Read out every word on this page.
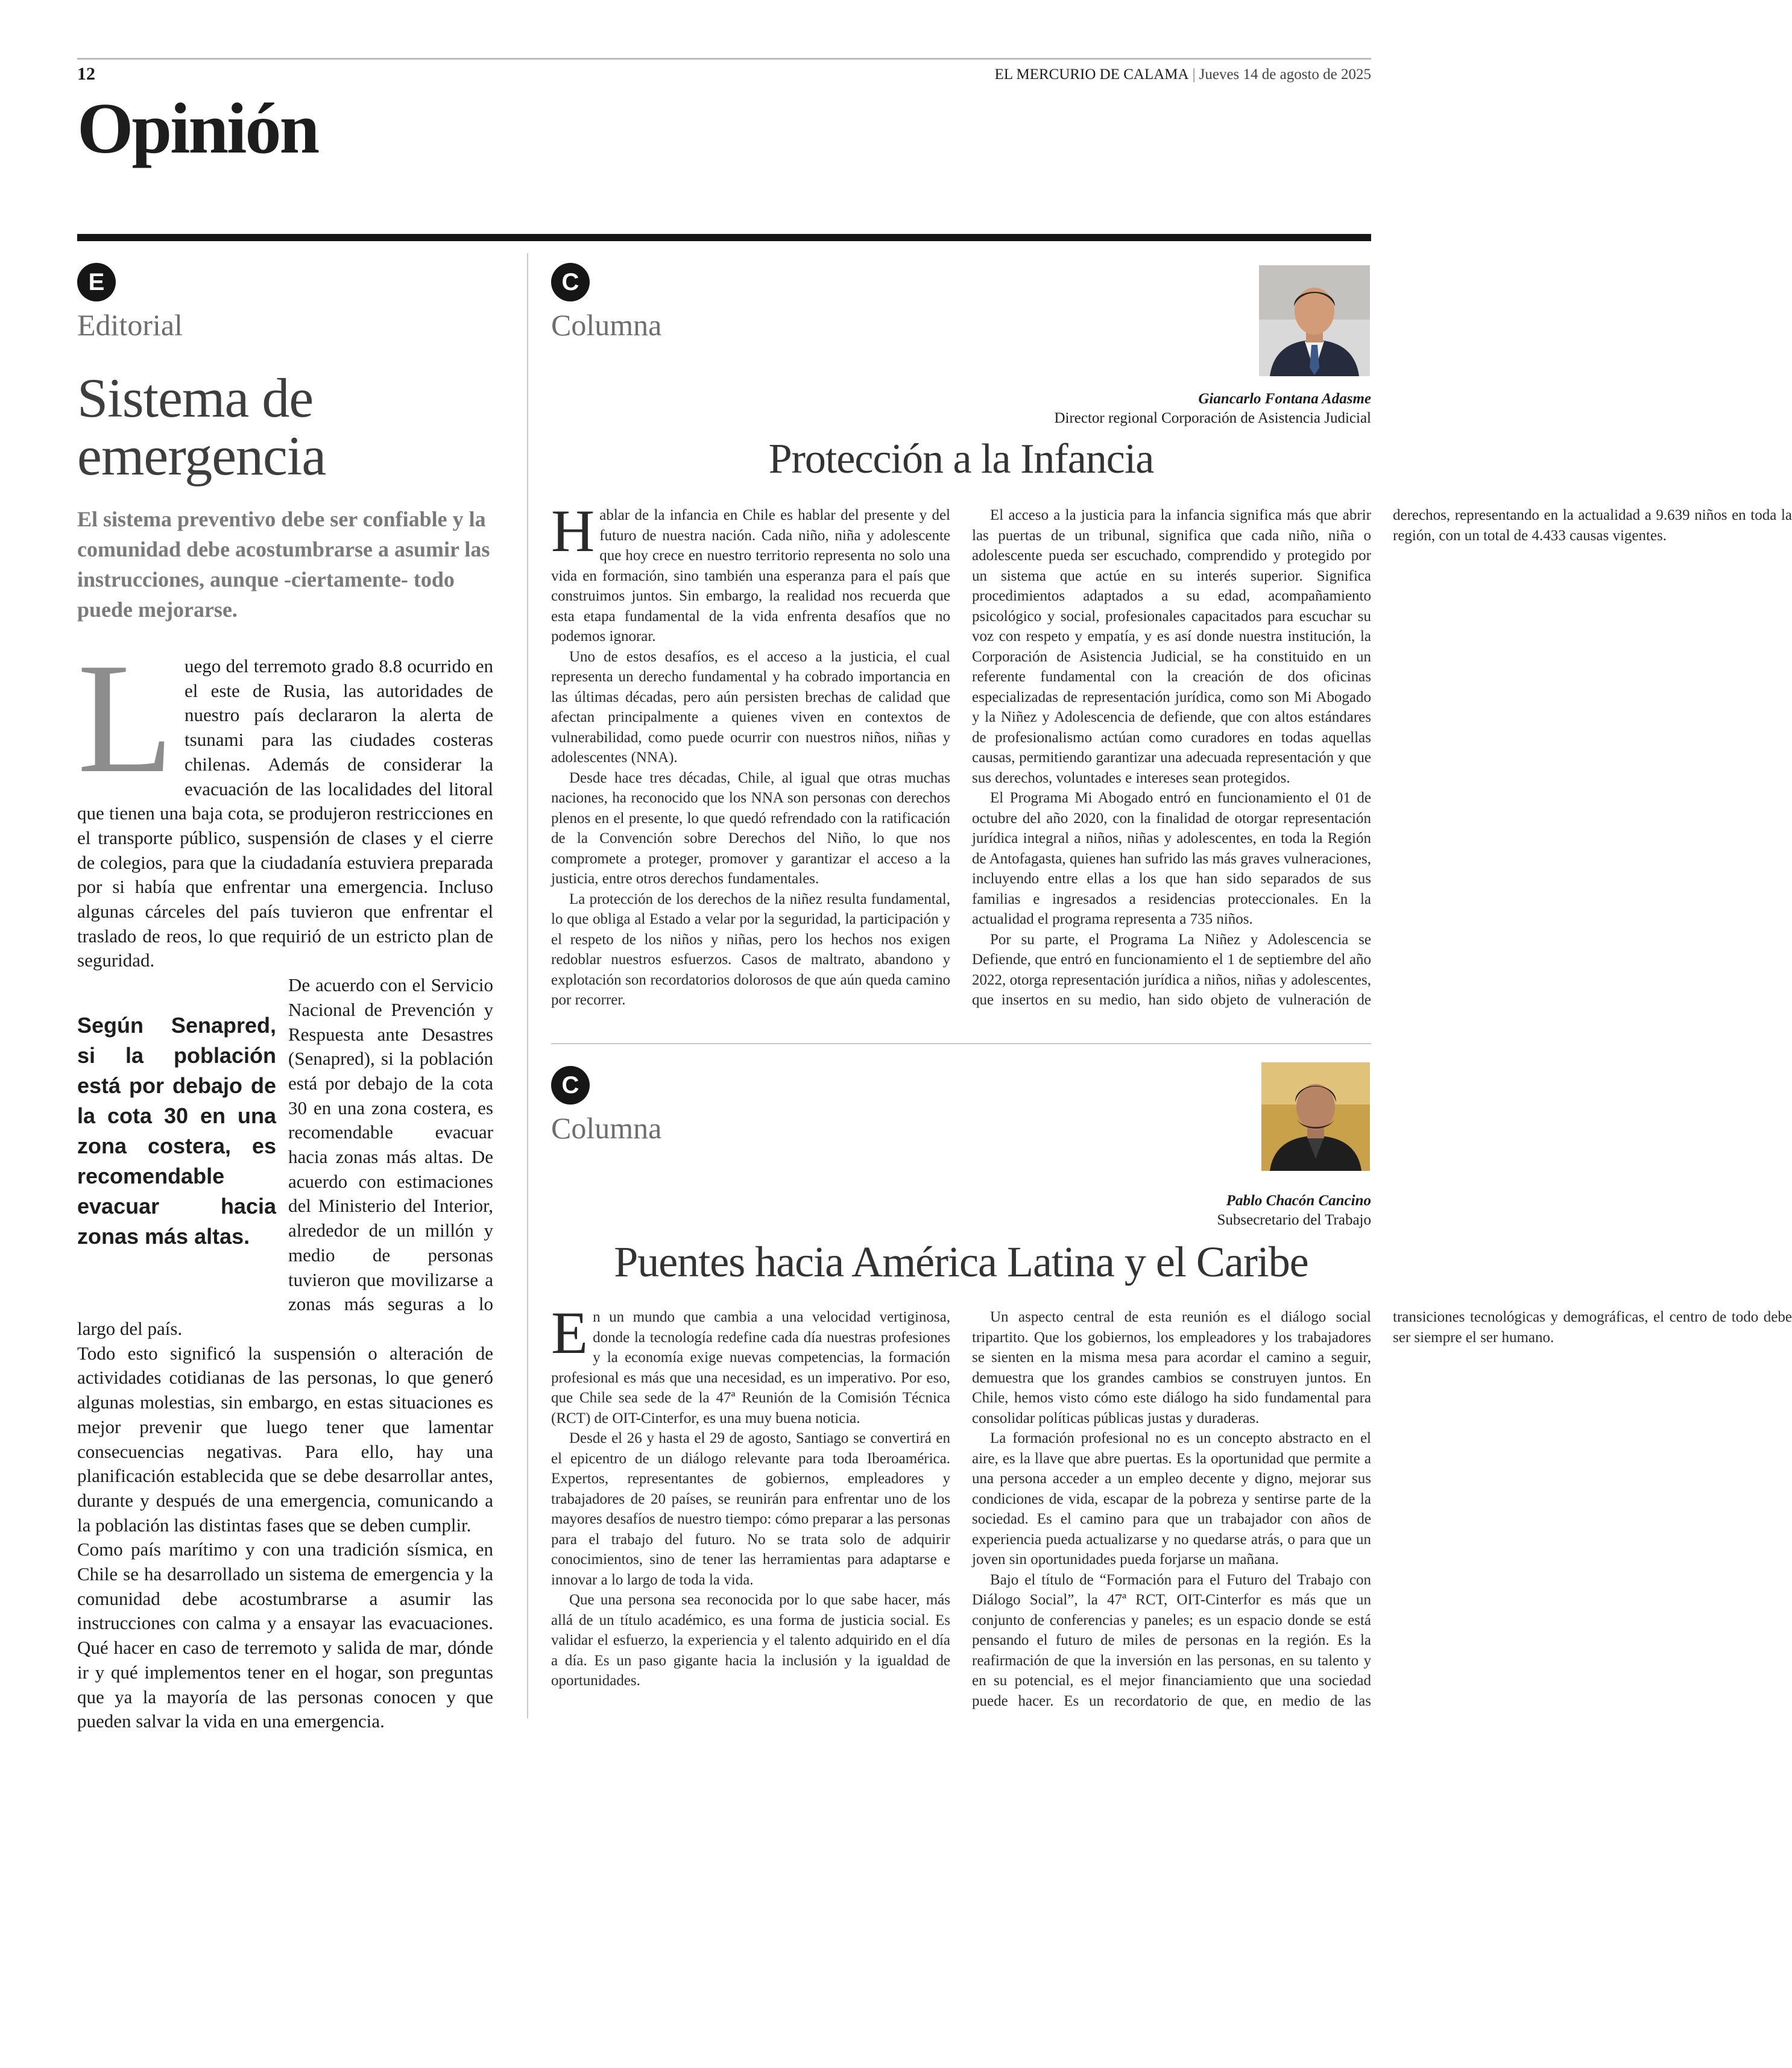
12	EL MERCURIO DE CALAMA | Jueves 14 de agosto de 2025
Opinión
E
Editorial
Sistema de emergencia
El sistema preventivo debe ser confiable y la comunidad debe acostumbrarse a asumir las instrucciones, aunque -ciertamente- todo puede mejorarse.

Luego del terremoto grado 8.8 ocurrido en el este de Rusia, las autoridades de nuestro país declararon la alerta de tsunami para las ciudades costeras chilenas. Además de considerar la evacuación de las localidades del litoral que tienen una baja cota, se produjeron restricciones en el transporte público, suspensión de clases y el cierre de colegios, para que la ciudadanía estuviera preparada por si había que enfrentar una emergencia. Incluso algunas cárceles del país tuvieron que enfrentar el traslado de reos, lo que requirió de un estricto plan de seguridad.

Según Senapred, si la población está por debajo de la cota 30 en una zona costera, es recomendable evacuar hacia zonas más altas.
De acuerdo con el Servicio Nacional de Prevención y Respuesta ante Desastres (Senapred), si la población está por debajo de la cota 30 en una zona costera, es recomendable evacuar hacia zonas más altas. De acuerdo con estimaciones del Ministerio del Interior, alrededor de un millón y medio de personas tuvieron que movilizarse a zonas más seguras a lo largo del país.

Todo esto significó la suspensión o alteración de actividades cotidianas de las personas, lo que generó algunas molestias, sin embargo, en estas situaciones es mejor prevenir que luego tener que lamentar consecuencias negativas. Para ello, hay una planificación establecida que se debe desarrollar antes, durante y después de una emergencia, comunicando a la población las distintas fases que se deben cumplir.

Como país marítimo y con una tradición sísmica, en Chile se ha desarrollado un sistema de emergencia y la comunidad debe acostumbrarse a asumir las instrucciones con calma y a ensayar las evacuaciones. Qué hacer en caso de terremoto y salida de mar, dónde ir y qué implementos tener en el hogar, son preguntas que ya la mayoría de las personas conocen y que pueden salvar la vida en una emergencia.

C
Columna
Giancarlo Fontana Adasme
Director regional Corporación de Asistencia Judicial
Protección a la Infancia

Hablar de la infancia en Chile es hablar del presente y del futuro de nuestra nación. Cada niño, niña y adolescente que hoy crece en nuestro territorio representa no solo una vida en formación, sino también una esperanza para el país que construimos juntos. Sin embargo, la realidad nos recuerda que esta etapa fundamental de la vida enfrenta desafíos que no podemos ignorar.

Uno de estos desafíos, es el acceso a la justicia, el cual representa un derecho fundamental y ha cobrado importancia en las últimas décadas, pero aún persisten brechas de calidad que afectan principalmente a quienes viven en contextos de vulnerabilidad, como puede ocurrir con nuestros niños, niñas y adolescentes (NNA).

Desde hace tres décadas, Chile, al igual que otras muchas naciones, ha reconocido que los NNA son personas con derechos plenos en el presente, lo que quedó refrendado con la ratificación de la Convención sobre Derechos del Niño, lo que nos compromete a proteger, promover y garantizar el acceso a la justicia, entre otros derechos fundamentales.

La protección de los derechos de la niñez resulta fundamental, lo que obliga al Estado a velar por la seguridad, la participación y el respeto de los niños y niñas, pero los hechos nos exigen redoblar nuestros esfuerzos. Casos de maltrato, abandono y explotación son recordatorios dolorosos de que aún queda camino por recorrer.

El acceso a la justicia para la infancia significa más que abrir las puertas de un tribunal, significa que cada niño, niña o adolescente pueda ser escuchado, comprendido y protegido por un sistema que actúe en su interés superior. Significa procedimientos adaptados a su edad, acompañamiento psicológico y social, profesionales capacitados para escuchar su voz con respeto y empatía, y es así donde nuestra institución, la Corporación de Asistencia Judicial, se ha constituido en un referente fundamental con la creación de dos oficinas especializadas de representación jurídica, como son Mi Abogado y la Niñez y Adolescencia de defiende, que con altos estándares de profesionalismo actúan como curadores en todas aquellas causas, permitiendo garantizar una adecuada representación y que sus derechos, voluntades e intereses sean protegidos.

El Programa Mi Abogado entró en funcionamiento el 01 de octubre del año 2020, con la finalidad de otorgar representación jurídica integral a niños, niñas y adolescentes, en toda la Región de Antofagasta, quienes han sufrido las más graves vulneraciones, incluyendo entre ellas a los que han sido separados de sus familias e ingresados a residencias proteccionales. En la actualidad el programa representa a 735 niños.

Por su parte, el Programa La Niñez y Adolescencia se Defiende, que entró en funcionamiento el 1 de septiembre del año 2022, otorga representación jurídica a niños, niñas y adolescentes, que insertos en su medio, han sido objeto de vulneración de derechos, representando en la actualidad a 9.639 niños en toda la región, con un total de 4.433 causas vigentes.

C
Columna
Pablo Chacón Cancino
Subsecretario del Trabajo
Puentes hacia América Latina y el Caribe

En un mundo que cambia a una velocidad vertiginosa, donde la tecnología redefine cada día nuestras profesiones y la economía exige nuevas competencias, la formación profesional es más que una necesidad, es un imperativo. Por eso, que Chile sea sede de la 47ª Reunión de la Comisión Técnica (RCT) de OIT-Cinterfor, es una muy buena noticia.

Desde el 26 y hasta el 29 de agosto, Santiago se convertirá en el epicentro de un diálogo relevante para toda Iberoamérica. Expertos, representantes de gobiernos, empleadores y trabajadores de 20 países, se reunirán para enfrentar uno de los mayores desafíos de nuestro tiempo: cómo preparar a las personas para el trabajo del futuro. No se trata solo de adquirir conocimientos, sino de tener las herramientas para adaptarse e innovar a lo largo de toda la vida.

Que una persona sea reconocida por lo que sabe hacer, más allá de un título académico, es una forma de justicia social. Es validar el esfuerzo, la experiencia y el talento adquirido en el día a día. Es un paso gigante hacia la inclusión y la igualdad de oportunidades.

Un aspecto central de esta reunión es el diálogo social tripartito. Que los gobiernos, los empleadores y los trabajadores se sienten en la misma mesa para acordar el camino a seguir, demuestra que los grandes cambios se construyen juntos. En Chile, hemos visto cómo este diálogo ha sido fundamental para consolidar políticas públicas justas y duraderas.

La formación profesional no es un concepto abstracto en el aire, es la llave que abre puertas. Es la oportunidad que permite a una persona acceder a un empleo decente y digno, mejorar sus condiciones de vida, escapar de la pobreza y sentirse parte de la sociedad. Es el camino para que un trabajador con años de experiencia pueda actualizarse y no quedarse atrás, o para que un joven sin oportunidades pueda forjarse un mañana.

Bajo el título de “Formación para el Futuro del Trabajo con Diálogo Social”, la 47ª RCT, OIT-Cinterfor es más que un conjunto de conferencias y paneles; es un espacio donde se está pensando el futuro de miles de personas en la región. Es la reafirmación de que la inversión en las personas, en su talento y en su potencial, es el mejor financiamiento que una sociedad puede hacer. Es un recordatorio de que, en medio de las transiciones tecnológicas y demográficas, el centro de todo debe ser siempre el ser humano.
